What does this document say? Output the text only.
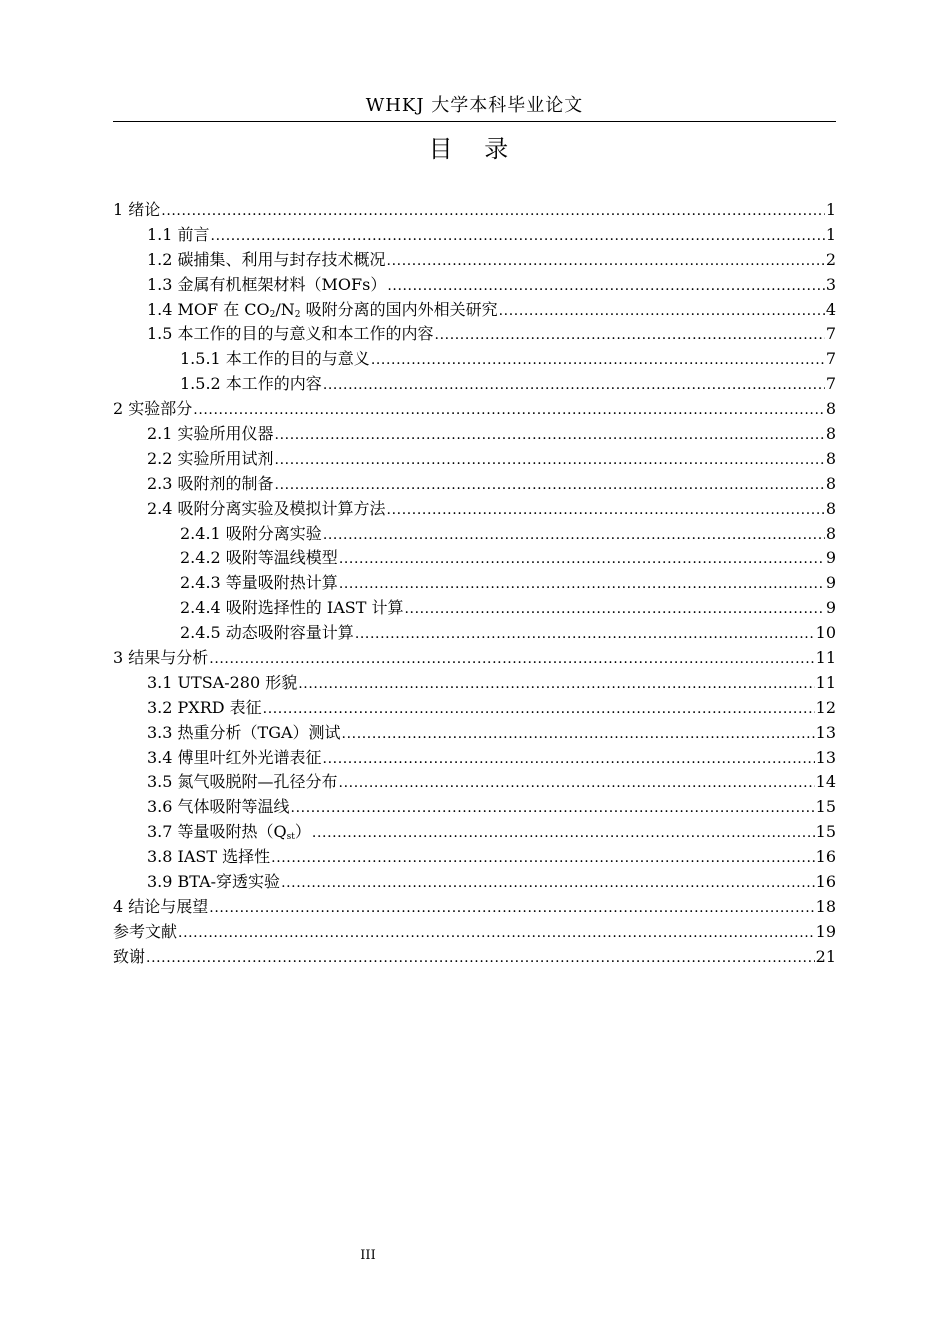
WHKJ 大学本科毕业论文
目 录
1 绪论 .....	1
1.1 前言 .....	1
1.2 碳捕集、利用与封存技术概况 .....	2
1.3 金属有机框架材料（MOFs） .....	3
1.4 MOF 在 $CO_2/N_2$ 吸附分离的国内外相关研究 .....	4
1.5 本工作的目的与意义和本工作的内容 .....	7
1.5.1 本工作的目的与意义 .....	7
1.5.2 本工作的内容 .....	7
2 实验部分 .....	8
2.1 实验所用仪器 .....	8
2.2 实验所用试剂 .....	8
2.3 吸附剂的制备 .....	8
2.4 吸附分离实验及模拟计算方法 .....	8
2.4.1 吸附分离实验 .....	8
2.4.2 吸附等温线模型 .....	9
2.4.3 等量吸附热计算 .....	9
2.4.4 吸附选择性的 IAST 计算 .....	9
2.4.5 动态吸附容量计算 .....	10
3 结果与分析 .....	11
3.1 UTSA-280 形貌 .....	11
3.2 PXRD 表征 .....	12
3.3 热重分析（TGA）测试 .....	13
3.4 傅里叶红外光谱表征 .....	13
3.5 氮气吸脱附—孔径分布 .....	14
3.6 气体吸附等温线 .....	15
3.7 等量吸附热$(Q_{st})$ .....	15
3.8 IAST 选择性 .....	16
3.9 BTA-穿透实验 .....	16
4 结论与展望 .....	18
参考文献 .....	19
致谢 .....	21
III
